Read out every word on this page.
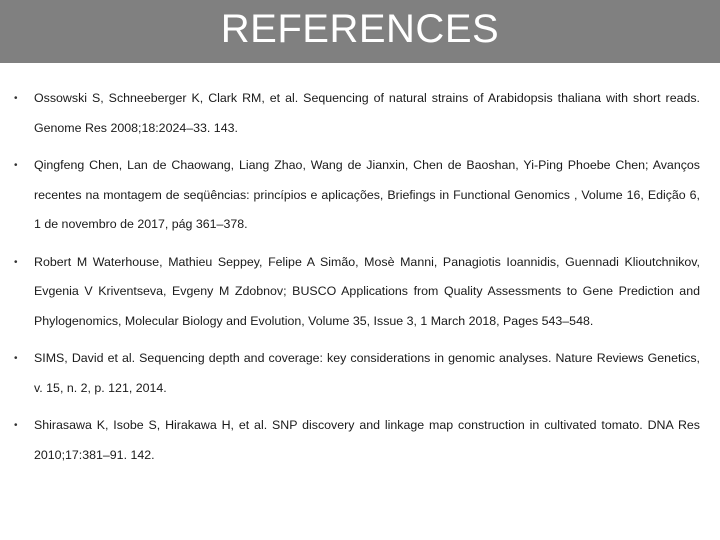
REFERENCES
• Ossowski S, Schneeberger K, Clark RM, et al. Sequencing of natural strains of Arabidopsis thaliana with short reads. Genome Res 2008;18:2024–33. 143.
• Qingfeng Chen, Lan de Chaowang, Liang Zhao, Wang de Jianxin, Chen de Baoshan, Yi-Ping Phoebe Chen; Avanços recentes na montagem de seqüências: princípios e aplicações, Briefings in Functional Genomics , Volume 16, Edição 6, 1 de novembro de 2017, pág 361–378.
• Robert M Waterhouse, Mathieu Seppey, Felipe A Simão, Mosè Manni, Panagiotis Ioannidis, Guennadi Klioutchnikov, Evgenia V Kriventseva, Evgeny M Zdobnov; BUSCO Applications from Quality Assessments to Gene Prediction and Phylogenomics, Molecular Biology and Evolution, Volume 35, Issue 3, 1 March 2018, Pages 543–548.
• SIMS, David et al. Sequencing depth and coverage: key considerations in genomic analyses. Nature Reviews Genetics, v. 15, n. 2, p. 121, 2014.
• Shirasawa K, Isobe S, Hirakawa H, et al. SNP discovery and linkage map construction in cultivated tomato. DNA Res 2010;17:381–91. 142.
